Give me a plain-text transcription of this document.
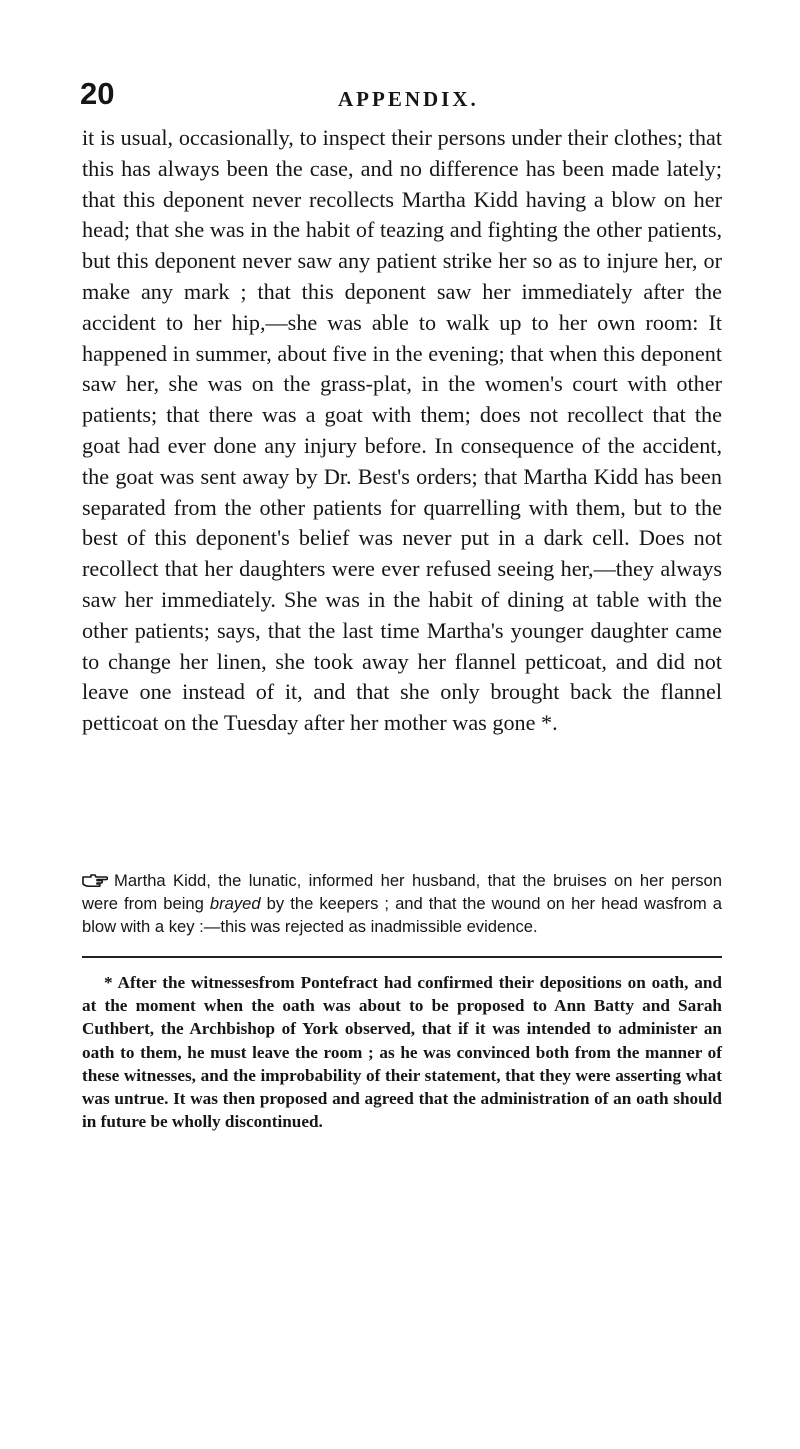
20	APPENDIX.

it is usual, occasionally, to inspect their persons under their clothes; that this has always been the case, and no difference has been made lately; that this deponent never recollects Martha Kidd having a blow on her head; that she was in the habit of teazing and fighting the other patients, but this deponent never saw any patient strike her so as to injure her, or make any mark ; that this deponent saw her immediately after the accident to her hip,—she was able to walk up to her own room: It happened in summer, about five in the evening; that when this deponent saw her, she was on the grass-plat, in the women's court with other patients; that there was a goat with them; does not recollect that the goat had ever done any injury before. In consequence of the accident, the goat was sent away by Dr. Best's orders; that Martha Kidd has been separated from the other patients for quarrelling with them, but to the best of this deponent's belief was never put in a dark cell. Does not recollect that her daughters were ever refused seeing her,—they always saw her immediately. She was in the habit of dining at table with the other patients; says, that the last time Martha's younger daughter came to change her linen, she took away her flannel petticoat, and did not leave one instead of it, and that she only brought back the flannel petticoat on the Tuesday after her mother was gone *.

Martha Kidd, the lunatic, informed her husband, that the bruises on her person were from being brayed by the keepers ; and that the wound on her head wasfrom a blow with a key :—this was rejected as inadmissible evidence.
* After the witnessesfrom Pontefract had confirmed their depositions on oath, and at the moment when the oath was about to be proposed to Ann Batty and Sarah Cuthbert, the Archbishop of York observed, that if it was intended to administer an oath to them, he must leave the room ; as he was convinced both from the manner of these witnesses, and the improbability of their statement, that they were asserting what was untrue. It was then proposed and agreed that the administration of an oath should in future be wholly discontinued.
